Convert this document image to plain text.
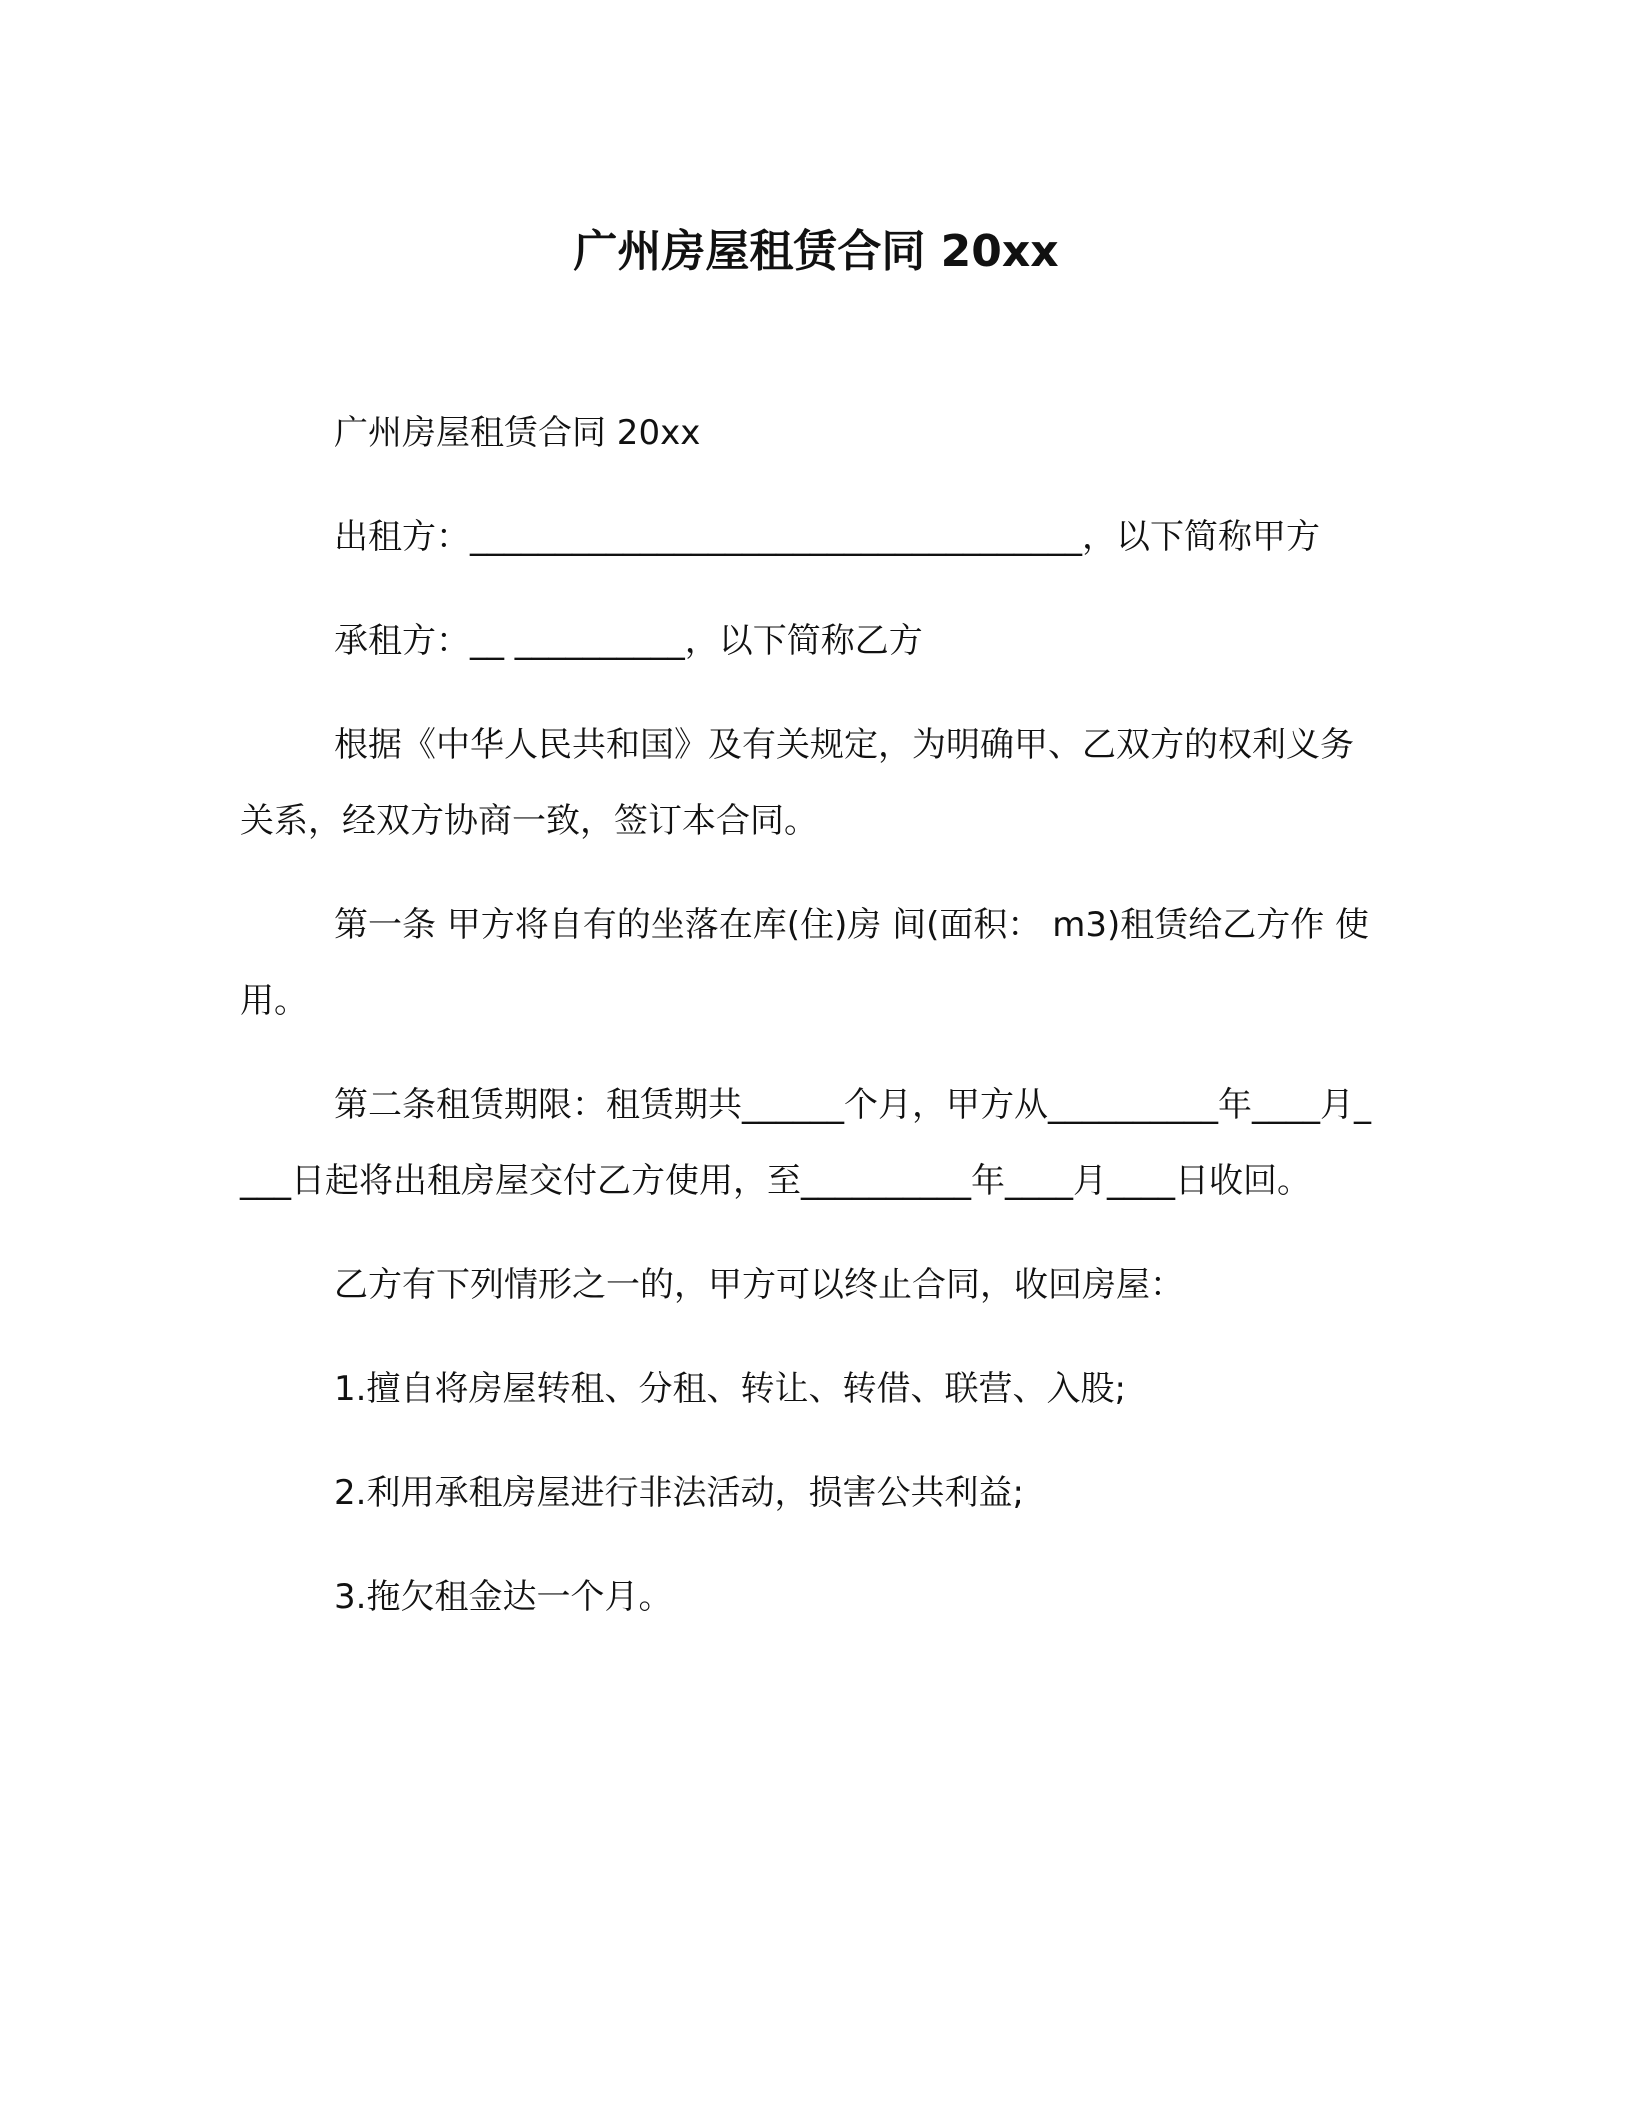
广州房屋租赁合同 20xx

广州房屋租赁合同 20xx

出租方：____________________________________，以下简称甲方

承租方：__ __________，以下简称乙方

根据《中华人民共和国》及有关规定，为明确甲、乙双方的权利义务关系，经双方协商一致，签订本合同。

第一条 甲方将自有的坐落在库(住)房 间(面积： m3)租赁给乙方作 使用。

第二条租赁期限：租赁期共______个月，甲方从__________年____月____日起将出租房屋交付乙方使用，至__________年____月____日收回。

乙方有下列情形之一的，甲方可以终止合同，收回房屋：

1.擅自将房屋转租、分租、转让、转借、联营、入股;

2.利用承租房屋进行非法活动，损害公共利益;

3.拖欠租金达一个月。
